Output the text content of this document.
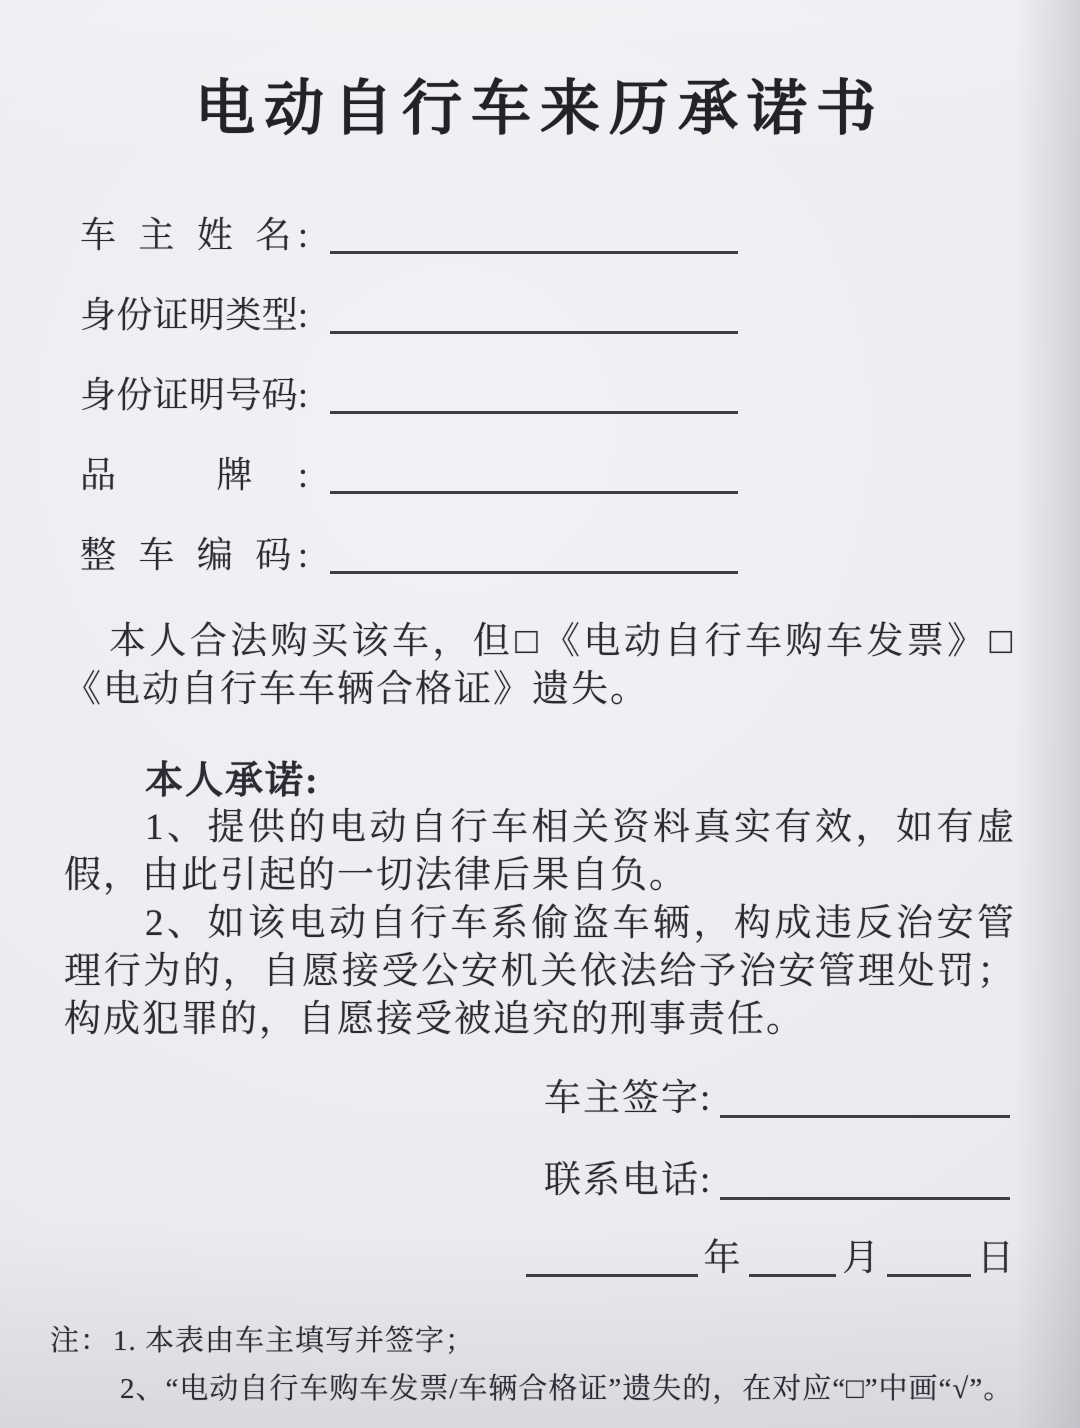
电动自行车来历承诺书
车 主 姓 名:
身份证明类型:
身份证明号码:
品 牌:
整 车 编 码:

本人合法购买该车，但□《电动自行车购车发票》□《电动自行车车辆合格证》遗失。

本人承诺:

1、提供的电动自行车相关资料真实有效，如有虚假，由此引起的一切法律后果自负。

2、如该电动自行车系偷盗车辆，构成违反治安管理行为的，自愿接受公安机关依法给予治安管理处罚；构成犯罪的，自愿接受被追究的刑事责任。

车主签字:
联系电话:
年	月	日
注： 1. 本表由车主填写并签字；
2、“电动自行车购车发票/车辆合格证”遗失的，在对应“□”中画“√”。
